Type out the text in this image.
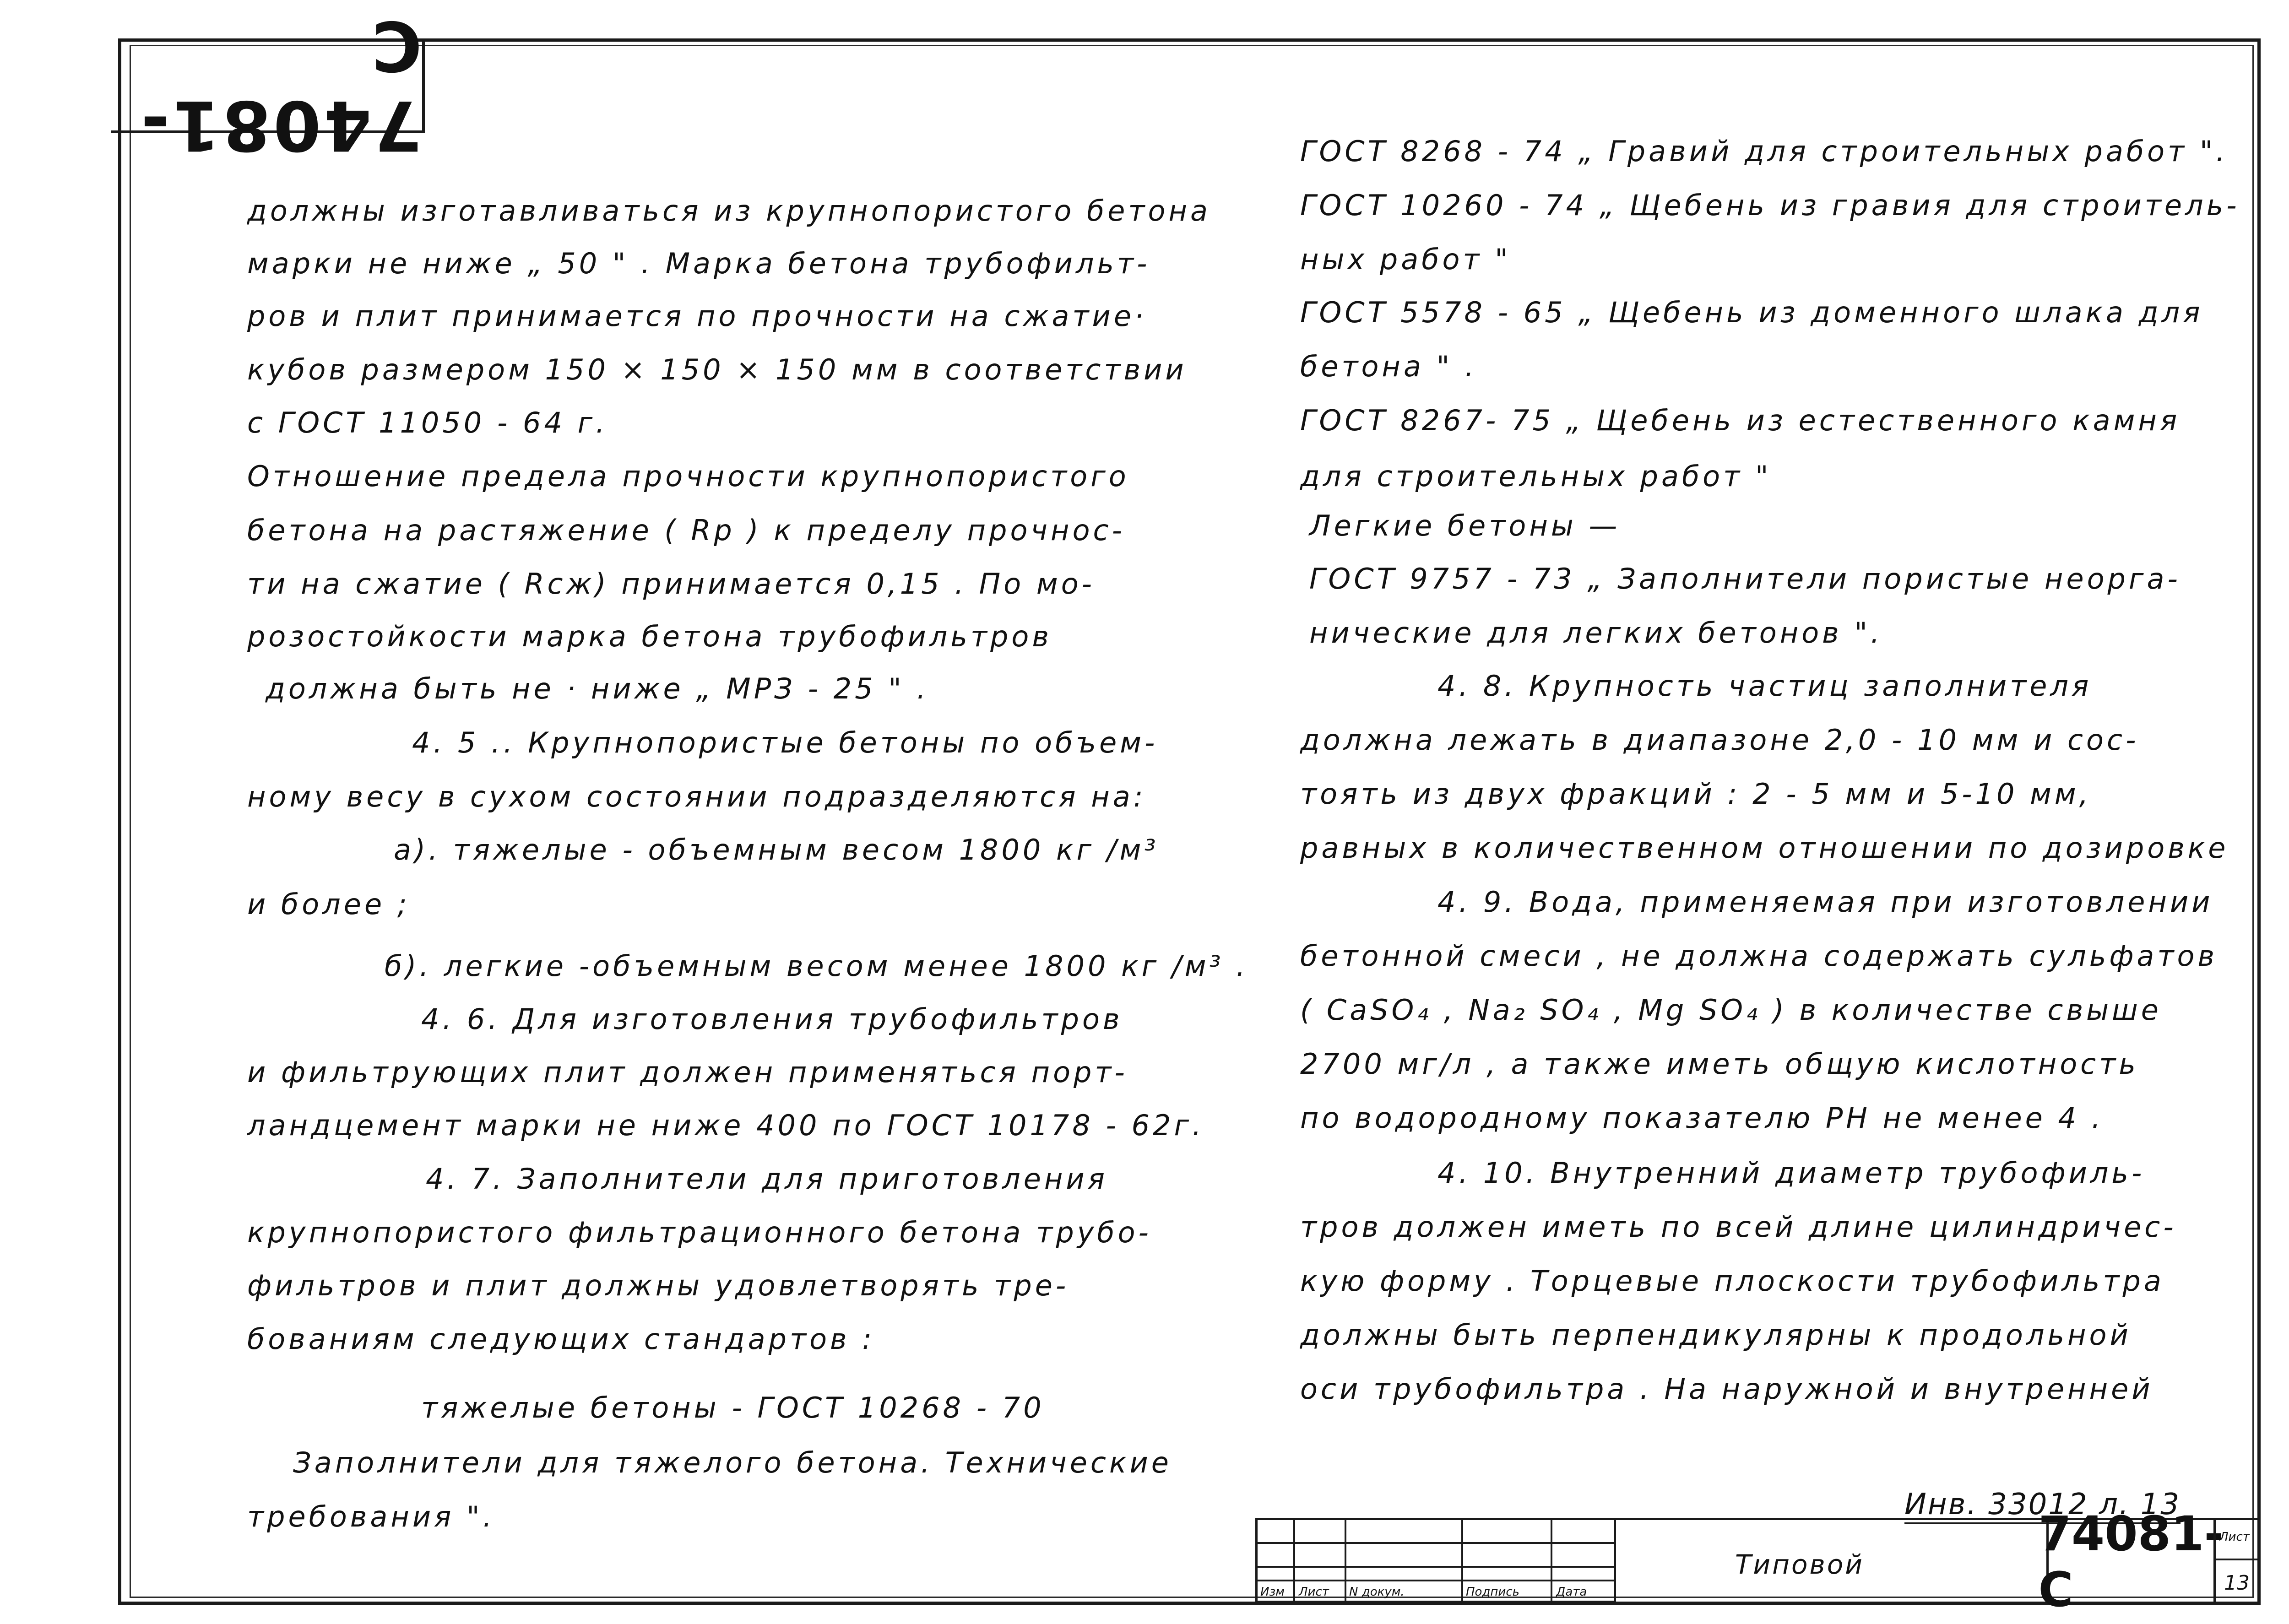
74081-С
должны изготавливаться из крупнопористого бетона
марки не ниже „ 50 " . Марка бетона трубофильт-
ров и плит принимается по прочности на сжатие·
кубов размером 150 × 150 × 150 мм в соответствии
с ГОСТ 11050 - 64 г.
Отношение предела прочности крупнопористого
бетона на растяжение ( Rр ) к пределу прочнос-
ти на сжатие ( Rсж) принимается 0,15 . По мо-
розостойкости марка бетона трубофильтров
должна быть не · ниже „ МРЗ - 25 " .
4. 5 .. Крупнопористые бетоны по объем-
ному весу в сухом состоянии подразделяются на:
а). тяжелые - объемным весом 1800 кг /м³
и более ;
б). легкие -объемным весом менее 1800 кг /м³ .
4. 6. Для изготовления трубофильтров
и фильтрующих плит должен применяться порт-
ландцемент марки не ниже 400 по ГОСТ 10178 - 62г.
4. 7. Заполнители для приготовления
крупнопористого фильтрационного бетона трубо-
фильтров и плит должны удовлетворять тре-
бованиям следующих стандартов :
тяжелые бетоны - ГОСТ 10268 - 70
Заполнители для тяжелого бетона. Технические
требования ".
ГОСТ 8268 - 74 „ Гравий для строительных работ ".
ГОСТ 10260 - 74 „ Щебень из гравия для строитель-
ных работ "
ГОСТ 5578 - 65 „ Щебень из доменного шлака для
бетона " .
ГОСТ 8267- 75 „ Щебень из естественного камня
для строительных работ "
Легкие бетоны —
ГОСТ 9757 - 73 „ Заполнители пористые неорга-
нические для легких бетонов ".
4. 8. Крупность частиц заполнителя
должна лежать в диапазоне 2,0 - 10 мм и сос-
тоять из двух фракций : 2 - 5 мм и 5-10 мм,
равных в количественном отношении по дозировке
4. 9. Вода, применяемая при изготовлении
бетонной смеси , не должна содержать сульфатов
( CaSO₄ , Na₂ SO₄ , Mg SO₄ ) в количестве свыше
2700 мг/л , а также иметь общую кислотность
по водородному показателю РН не менее 4 .
4. 10. Внутренний диаметр трубофиль-
тров должен иметь по всей длине цилиндричес-
кую форму . Торцевые плоскости трубофильтра
должны быть перпендикулярны к продольной
оси трубофильтра . На наружной и внутренней
Инв. 33012 л. 13
Изм Лист N докум.	Подпись	Дата
Типовой
74081-С
Лист
13
